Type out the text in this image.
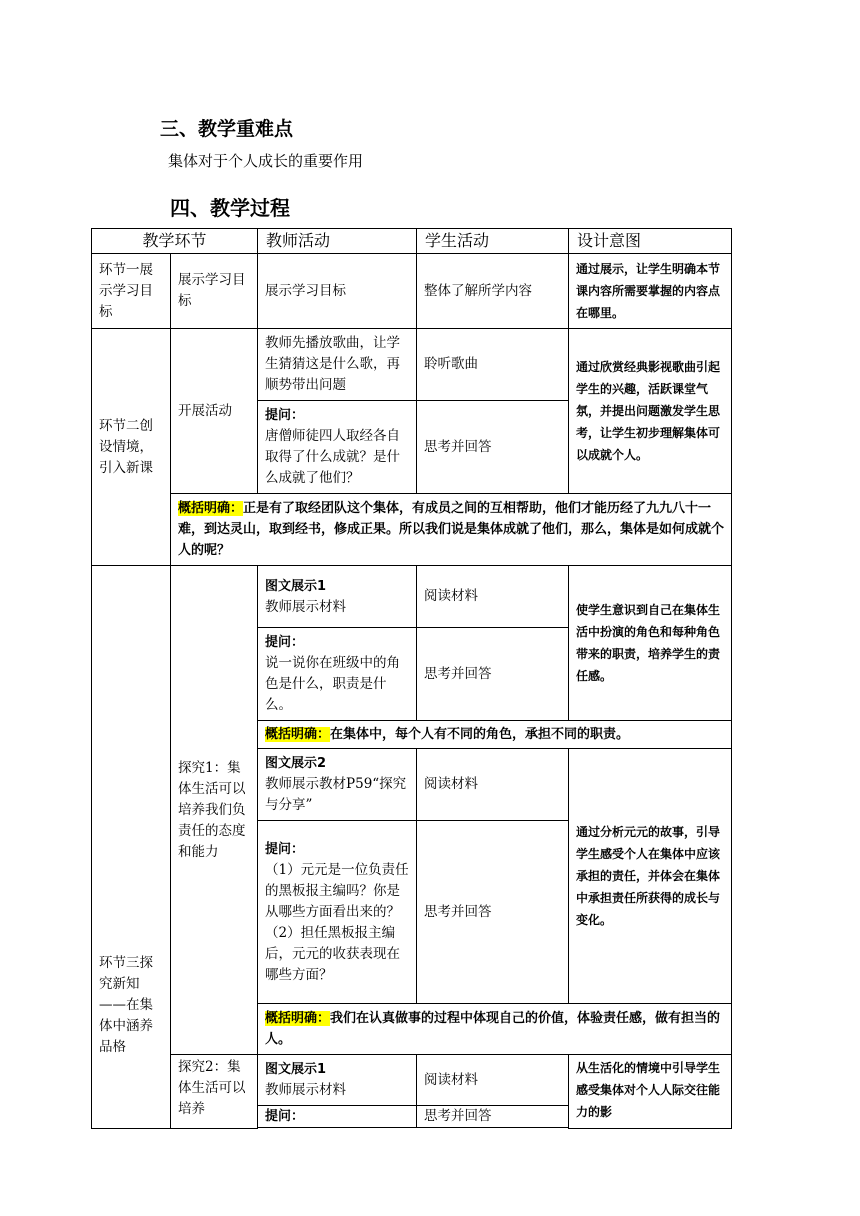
三、教学重难点
集体对于个人成长的重要作用
四、教学过程
教学环节		教师活动	学生活动	设计意图
环节一展示学习目标	展示学习目标	展示学习目标	整体了解所学内容	通过展示，让学生明确本节课内容所需要掌握的内容点在哪里。
环节二创设情境，引入新课	开展活动	教师先播放歌曲，让学生猜猜这是什么歌，再顺势带出问题	聆听歌曲	通过欣赏经典影视歌曲引起学生的兴趣，活跃课堂气氛，并提出问题激发学生思考，让学生初步理解集体可以成就个人。

		提问：
唐僧师徒四人取经各自取得了什么成就？是什么成就了他们？	思考并回答	
	概括明确：正是有了取经团队这个集体，有成员之间的互相帮助，他们才能历经了九九八十一难，到达灵山，取到经书，修成正果。所以我们说是集体成就了他们，那么，集体是如何成就个人的呢？			
环节三探究新知——在集体中涵养品格	探究1：集体生活可以培养我们负责任的态度和能力	图文展示1
教师展示材料	阅读材料	使学生意识到自己在集体生活中扮演的角色和每种角色带来的职责，培养学生的责任感。

		提问：
说一说你在班级中的角色是什么，职责是什么。	思考并回答	
		概括明确：在集体中，每个人有不同的角色，承担不同的职责。		

		图文展示2
教师展示教材P59“探究与分享”	阅读材料	通过分析元元的故事，引导学生感受个人在集体中应该承担的责任，并体会在集体中承担责任所获得的成长与变化。

		提问：
（1）元元是一位负责任的黑板报主编吗？你是从哪些方面看出来的？
（2）担任黑板报主编后，元元的收获表现在哪些方面？	思考并回答	
		概括明确：我们在认真做事的过程中体现自己的价值，体验责任感，做有担当的人。		
	探究2：集体生活可以培养	图文展示1
教师展示材料	阅读材料	从生活化的情境中引导学生感受集体对个人人际交往能力的影
		提问：	思考并回答	
